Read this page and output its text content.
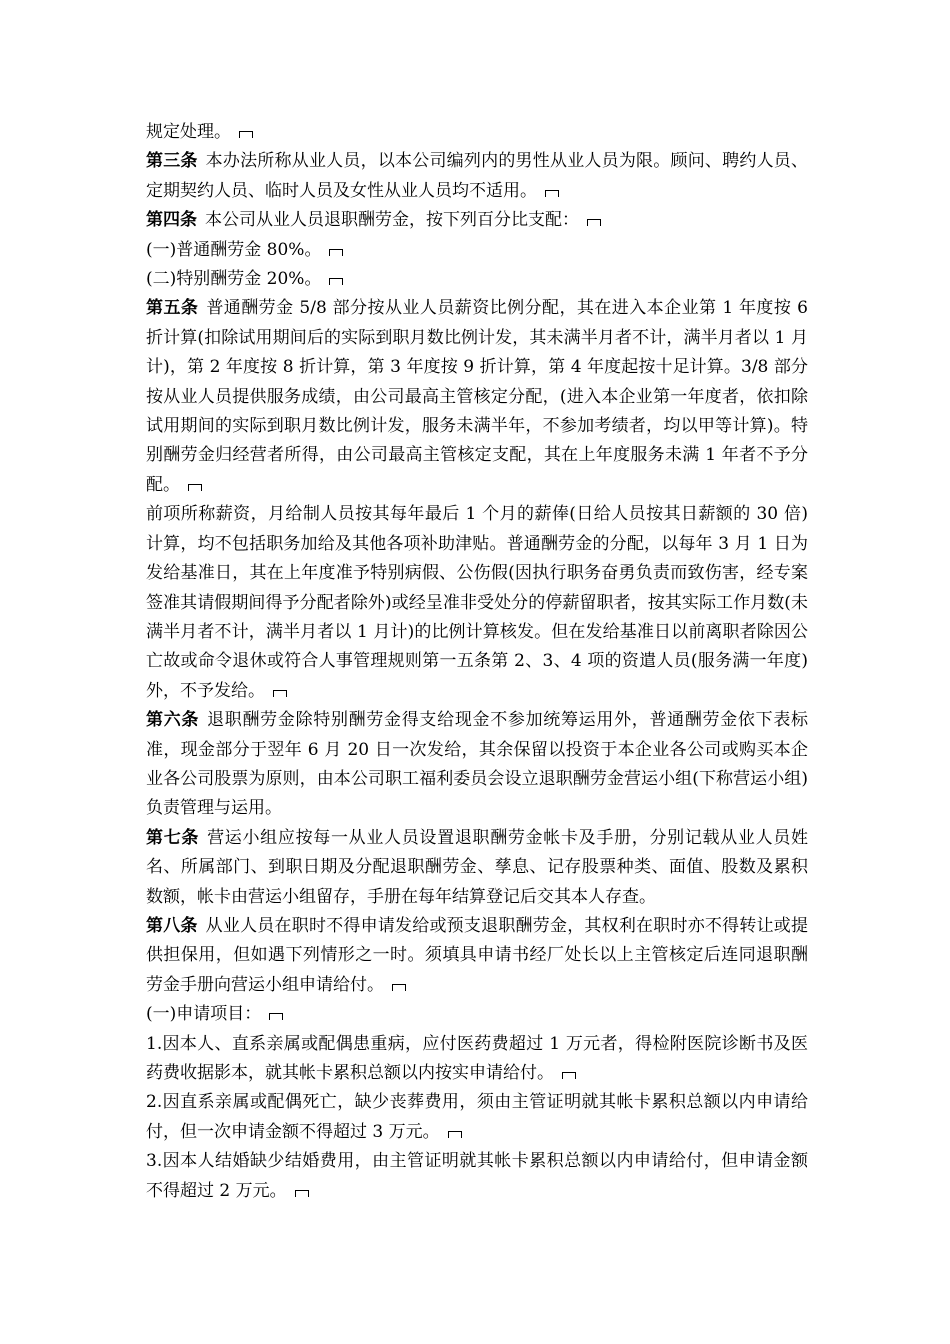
规定处理。

第三条 本办法所称从业人员，以本公司编列内的男性从业人员为限。顾问、聘约人员、定期契约人员、临时人员及女性从业人员均不适用。

第四条 本公司从业人员退职酬劳金，按下列百分比支配：

(一)普通酬劳金 80%。

(二)特别酬劳金 20%。

第五条 普通酬劳金 5/8 部分按从业人员薪资比例分配，其在进入本企业第 1 年度按 6 折计算(扣除试用期间后的实际到职月数比例计发，其未满半月者不计，满半月者以 1 月计)，第 2 年度按 8 折计算，第 3 年度按 9 折计算，第 4 年度起按十足计算。3/8 部分按从业人员提供服务成绩，由公司最高主管核定分配，(进入本企业第一年度者，依扣除试用期间的实际到职月数比例计发，服务未满半年，不参加考绩者，均以甲等计算)。特别酬劳金归经营者所得，由公司最高主管核定支配，其在上年度服务未满 1 年者不予分配。

前项所称薪资，月给制人员按其每年最后 1 个月的薪俸(日给人员按其日薪额的 30 倍)计算，均不包括职务加给及其他各项补助津贴。普通酬劳金的分配，以每年 3 月 1 日为发给基准日，其在上年度准予特别病假、公伤假(因执行职务奋勇负责而致伤害，经专案签准其请假期间得予分配者除外)或经呈准非受处分的停薪留职者，按其实际工作月数(未满半月者不计，满半月者以 1 月计)的比例计算核发。但在发给基准日以前离职者除因公亡故或命令退休或符合人事管理规则第一五条第 2、3、4 项的资遣人员(服务满一年度)外，不予发给。

第六条 退职酬劳金除特别酬劳金得支给现金不参加统筹运用外，普通酬劳金依下表标准，现金部分于翌年 6 月 20 日一次发给，其余保留以投资于本企业各公司或购买本企业各公司股票为原则，由本公司职工福利委员会设立退职酬劳金营运小组(下称营运小组)负责管理与运用。

第七条 营运小组应按每一从业人员设置退职酬劳金帐卡及手册，分别记载从业人员姓名、所属部门、到职日期及分配退职酬劳金、孳息、记存股票种类、面值、股数及累积数额，帐卡由营运小组留存，手册在每年结算登记后交其本人存查。

第八条 从业人员在职时不得申请发给或预支退职酬劳金，其权利在职时亦不得转让或提供担保用，但如遇下列情形之一时。须填具申请书经厂处长以上主管核定后连同退职酬劳金手册向营运小组申请给付。

(一)申请项目：

1.因本人、直系亲属或配偶患重病，应付医药费超过 1 万元者，得检附医院诊断书及医药费收据影本，就其帐卡累积总额以内按实申请给付。

2.因直系亲属或配偶死亡，缺少丧葬费用，须由主管证明就其帐卡累积总额以内申请给付，但一次申请金额不得超过 3 万元。

3.因本人结婚缺少结婚费用，由主管证明就其帐卡累积总额以内申请给付，但申请金额不得超过 2 万元。
